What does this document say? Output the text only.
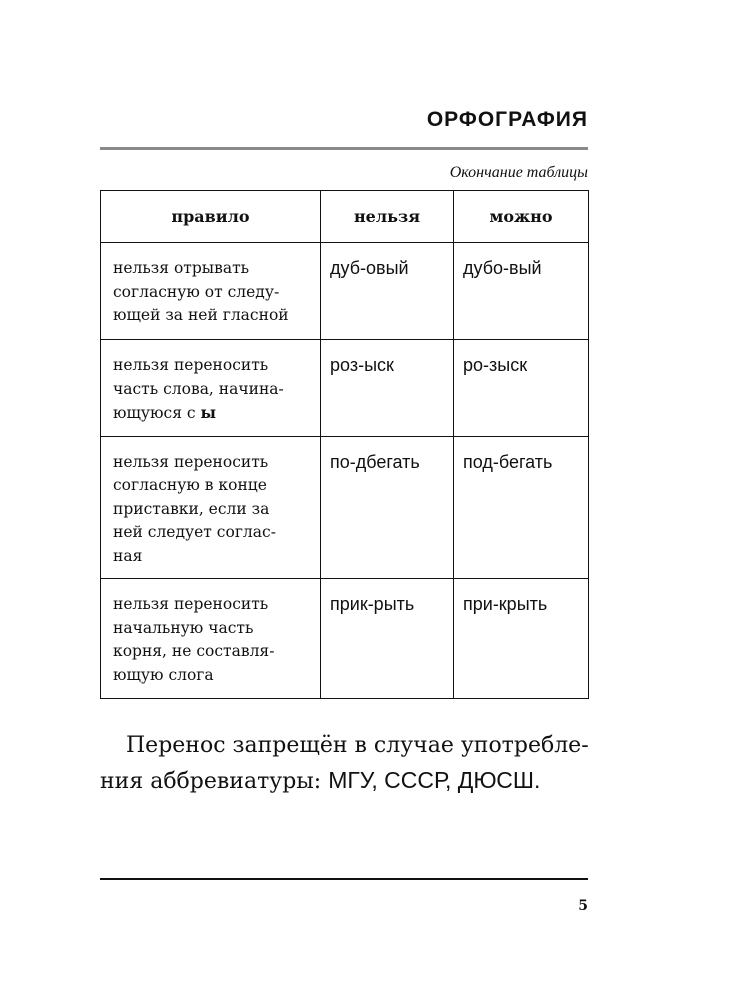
ОРФОГРАФИЯ
Окончание таблицы
правило	нельзя	можно

нельзя отрывать
согласную от следу-
ющей за ней гласной	дуб-овый	дубо-вый

нельзя переносить
часть слова, начина-
ющуюся с ы	роз-ыск	ро-зыск

нельзя переносить
согласную в конце
приставки, если за
ней следует соглас-
ная	по-дбегать	под-бегать

нельзя переносить
начальную часть
корня, не составля-
ющую слога	прик-рыть	при-крыть
Перенос запрещён в случае употребле-
ния аббревиатуры: МГУ, СССР, ДЮСШ.
5
